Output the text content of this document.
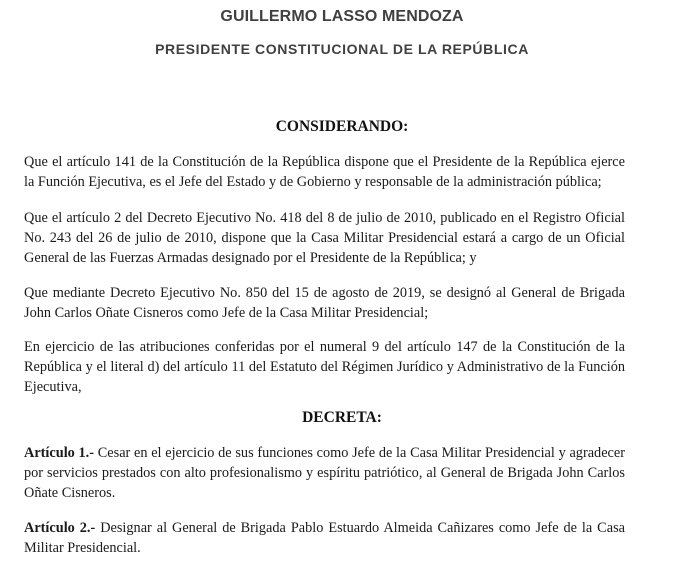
GUILLERMO LASSO MENDOZA
PRESIDENTE CONSTITUCIONAL DE LA REPÚBLICA
CONSIDERANDO:
Que el artículo 141 de la Constitución de la República dispone que el Presidente de la República ejerce la Función Ejecutiva, es el Jefe del Estado y de Gobierno y responsable de la administración pública;
Que el artículo 2 del Decreto Ejecutivo No. 418 del 8 de julio de 2010, publicado en el Registro Oficial No. 243 del 26 de julio de 2010, dispone que la Casa Militar Presidencial estará a cargo de un Oficial General de las Fuerzas Armadas designado por el Presidente de la República; y
Que mediante Decreto Ejecutivo No. 850 del 15 de agosto de 2019, se designó al General de Brigada John Carlos Oñate Cisneros como Jefe de la Casa Militar Presidencial;
En ejercicio de las atribuciones conferidas por el numeral 9 del artículo 147 de la Constitución de la República y el literal d) del artículo 11 del Estatuto del Régimen Jurídico y Administrativo de la Función Ejecutiva,
DECRETA:
Artículo 1.- Cesar en el ejercicio de sus funciones como Jefe de la Casa Militar Presidencial y agradecer por servicios prestados con alto profesionalismo y espíritu patriótico, al General de Brigada John Carlos Oñate Cisneros.
Artículo 2.- Designar al General de Brigada Pablo Estuardo Almeida Cañizares como Jefe de la Casa Militar Presidencial.
